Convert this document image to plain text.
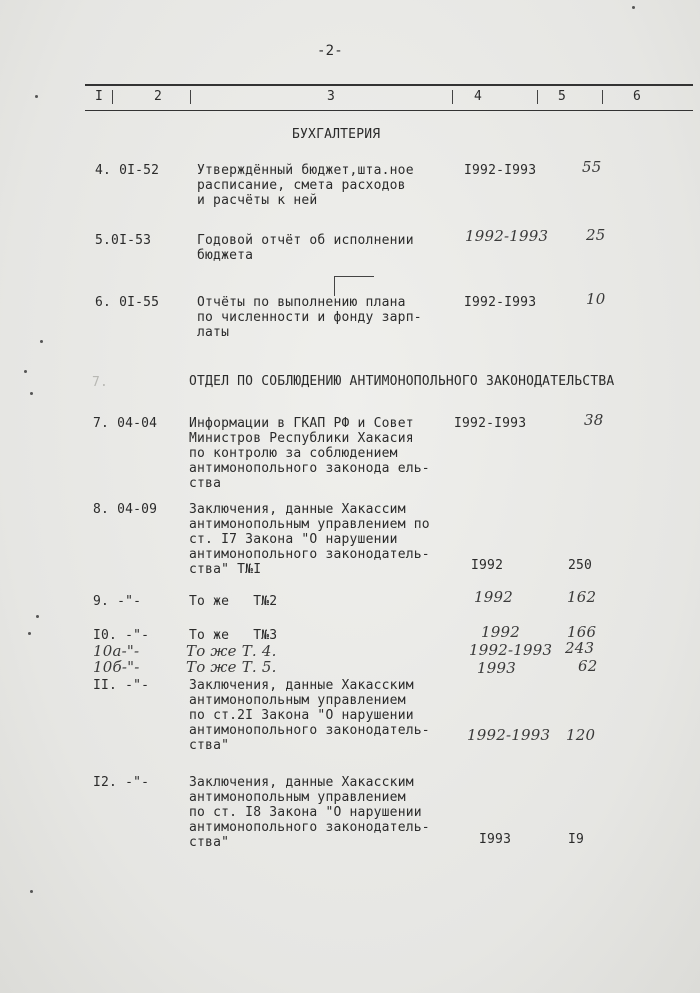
-2-
I	2	3	4	5	6
БУХГАЛТЕРИЯ
4. 0I-52	Утверждённый бюджет,шта.ное
расписание, смета расходов
и расчёты к ней
I992-I993	55
5.0I-53	Годовой отчёт об исполнении
бюджета
1992-1993	25
6. 0I-55	Отчёты по выполнению плана
по численности и фонду зарп-
латы
I992-I993	10
7.	ОТДЕЛ ПО СОБЛЮДЕНИЮ АНТИМОНОПОЛЬНОГО ЗАКОНОДАТЕЛЬСТВА
7. 04-04 Информации в ГКАП РФ и Совет
Министров Республики Хакасия
по контролю за соблюдением
антимонопольного законода ель-
ства
I992-I993	38
8. 04-09 Заключения, данные Хакассим
антимонопольным управлением по
ст. I7 Закона "О нарушении
антимонопольного законодатель-
ства" Т№I	I992	250
9. -"-	То же   Т№2	1992	162
I0. -"-	То же   Т№3	1992	166
10а-"-	То же Т. 4.	1992-1993 243
10б-"-	То же Т. 5.	1993	62
II. -"-	Заключения, данные Хакасским
антимонопольным управлением
по ст.2I Закона "О нарушении
антимонопольного законодатель-
ства"
1992-1993 120
I2. -"-	Заключения, данные Хакасским
антимонопольным управлением
по ст. I8 Закона "О нарушении
антимонопольного законодатель-
ства"	I993	I9
